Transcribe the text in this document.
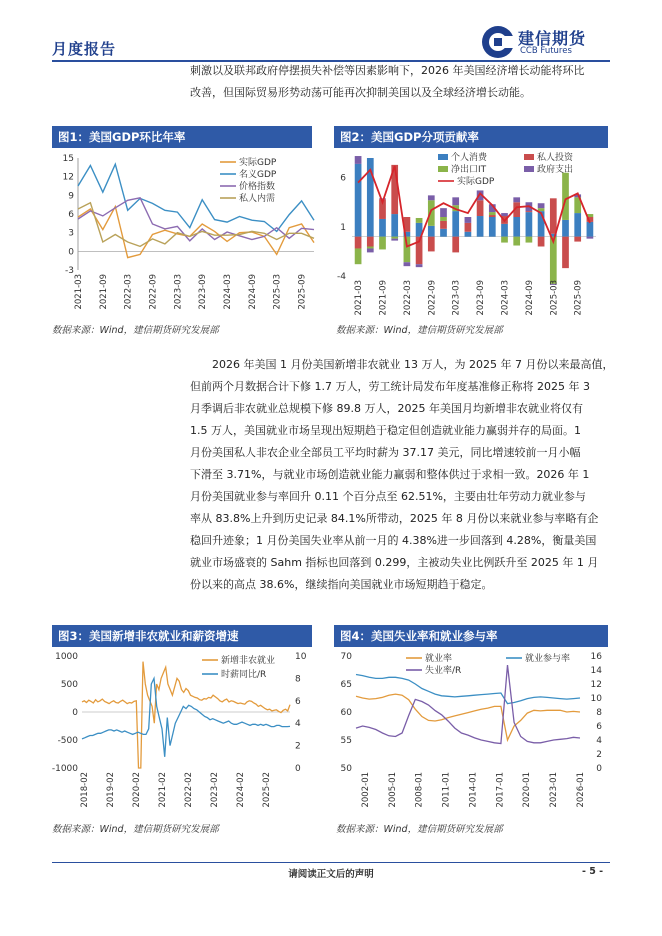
月度报告
建信期货
CCB Futures
刺激以及联邦政府停摆损失补偿等因素影响下，2026 年美国经济增长动能将环比
改善，但国际贸易形势动荡可能再次抑制美国以及全球经济增长动能。
图1：美国GDP环比年率
-3
0
3
6
9
12
15
2021-03 2021-09 2022-03 2022-09 2023-03 2023-09 2024-03 2024-09 2025-03 2025-09
实际GDP
名义GDP
价格指数
私人内需
数据来源：Wind，建信期货研究发展部
图2：美国GDP分项贡献率
-4
1
6
2021-03 2021-09 2022-03 2022-09 2023-03 2023-09 2024-03 2024-09 2025-03 2025-09
个人消费	私人投资
净出口IT	政府支出
实际GDP
数据来源：Wind，建信期货研究发展部
2026 年美国 1 月份美国新增非农就业 13 万人，为 2025 年 7 月份以来最高值，
但前两个月数据合计下修 1.7 万人，劳工统计局发布年度基准修正称将 2025 年 3
月季调后非农就业总规模下修 89.8 万人，2025 年美国月均新增非农就业将仅有
1.5 万人，美国就业市场呈现出短期趋于稳定但创造就业能力赢弱并存的局面。1
月份美国私人非农企业全部员工平均时薪为 37.17 美元，同比增速较前一月小幅
下滑至 3.71%，与就业市场创造就业能力赢弱和整体供过于求相一致。2026 年 1
月份美国就业参与率回升 0.11 个百分点至 62.51%，主要由壮年劳动力就业参与
率从 83.8%上升到历史记录 84.1%所带动，2025 年 8 月份以来就业参与率略有企
稳回升迹象；1 月份美国失业率从前一月的 4.38%进一步回落到 4.28%，衡量美国
就业市场盛衰的 Sahm 指标也回落到 0.299，主被动失业比例跃升至 2025 年 1 月
份以来的高点 38.6%，继续指向美国就业市场短期趋于稳定。
图3：美国新增非农就业和薪资增速
-1000
-500
0
500
1000
0
2
4
6
8
10
2018-02 2019-02 2020-02 2021-02 2022-02 2023-02 2024-02 2025-02
新增非农就业
时薪同比/R
数据来源：Wind，建信期货研究发展部
图4：美国失业率和就业参与率
50
55
60
65
70
0
2
4
6
8
10
12
14
16
2002-01 2005-01 2008-01 2011-01 2014-01 2017-01 2020-01 2023-01 2026-01
就业率	就业参与率
失业率/R
数据来源：Wind，建信期货研究发展部
请阅读正文后的声明	- 5 -
